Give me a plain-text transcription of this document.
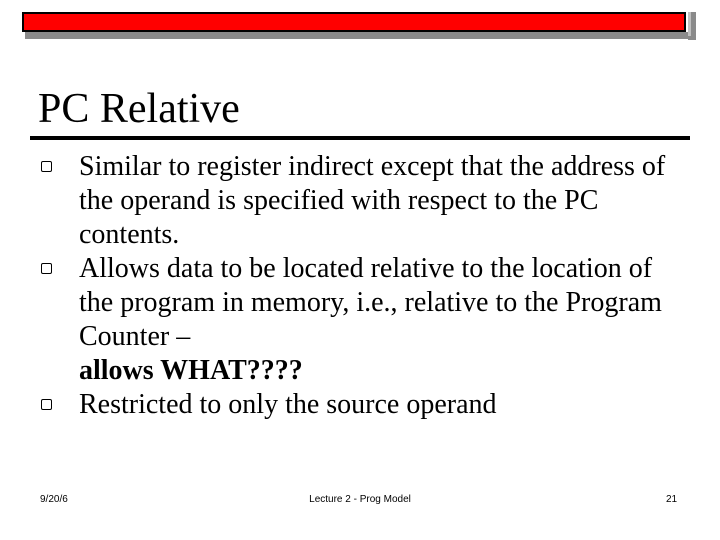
PC Relative
Similar to register indirect except that the address of the operand is specified with respect to the PC contents.
Allows data to be located relative to the location of the program in memory, i.e., relative to the Program Counter –
allows WHAT????
Restricted to only the source operand
9/20/6	Lecture 2 - Prog Model	21
